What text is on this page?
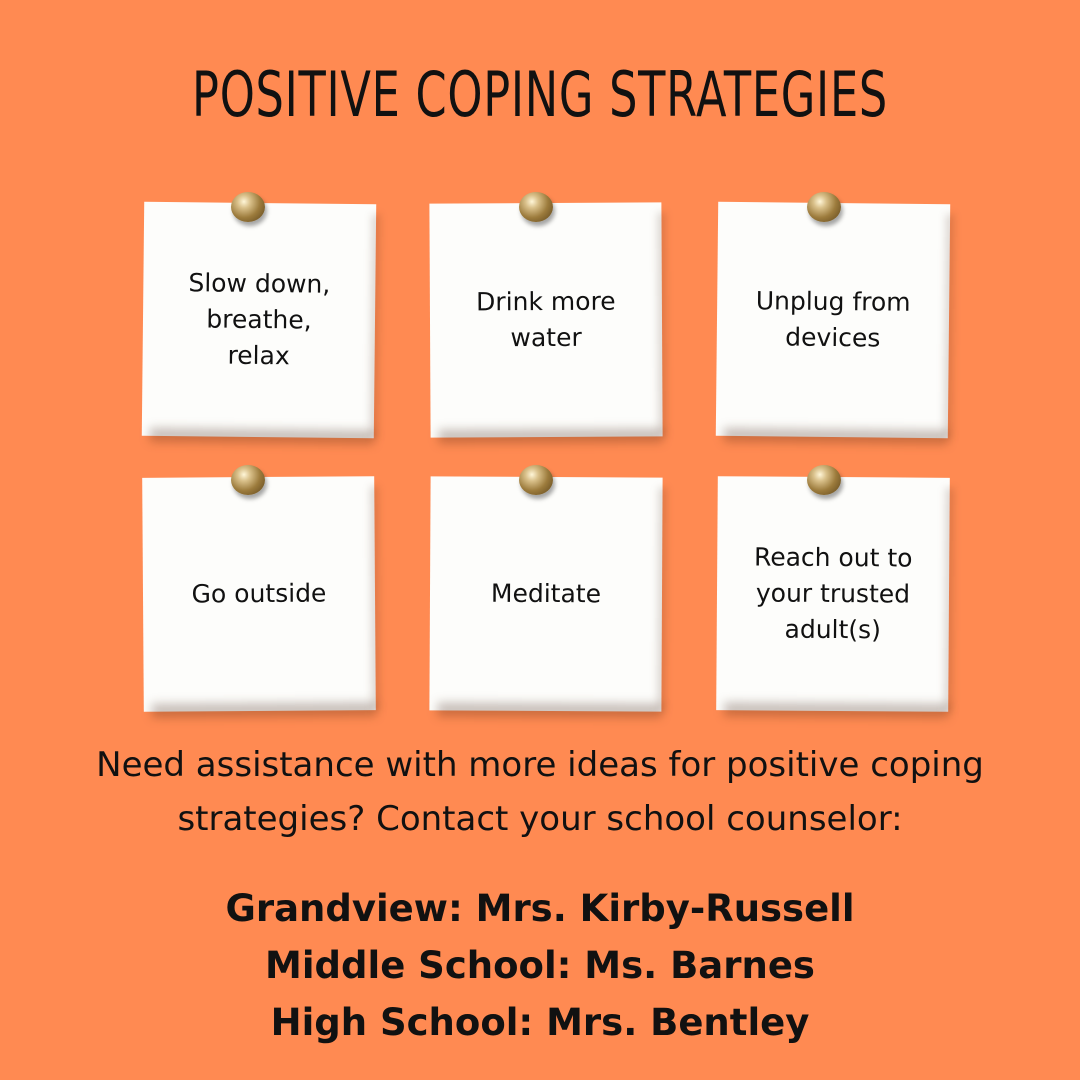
POSITIVE COPING STRATEGIES
Slow down, breathe, relax
Drink more water
Unplug from devices
Go outside	Meditate
Reach out to your trusted adult(s)
Need assistance with more ideas for positive coping strategies? Contact your school counselor:
Grandview: Mrs. Kirby-Russell
Middle School: Ms. Barnes
High School: Mrs. Bentley
